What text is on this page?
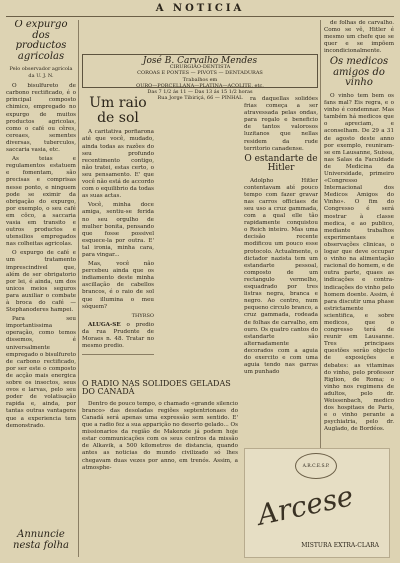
A NOTICIA
O expurgo dos productos agricolas
Pelo observador agricola da U. J. N.

O bisulfureto de carbono rectificado, é o principal composto chimico, empregado no expurgo de muitos productos agricolas, como o café ou cêres, cereaes, sementes diversas, tuberculos, saccaria vasia, etc.

As teias e regulamentos estatuem e fomentam, são precisas e comprisas nesse ponto, e ninguem pode se eximir da obrigação do expurgo, por exemplo, o seu café em côco, a saccaria vasia em transito e outros productos e utensilios empregados nas colheitas agricolas.

O expurgo de café e um tratamento imprescindivel que, além de ser obrigatorio por lei, é ainda, um dos unicos meios seguros para auxiliar o combate à broca do café — Stephanoderes hampei.

Para seu importantissima operação, como temos dissemos, é universalmente empregado o bisulfureto de carbono rectificado, por ser este o composto de acção mais energica sobre os insectos, seus ovos e larvas, pelo seu poder de volatisação rapida e, ainda, por tantas outras vantagens que a experiencia tem demonstrado.

Annuncie nesta folha
José B. Carvalho Mendes
CIRURGIÃO-DENTISTA
COROAS E PONTES — PIVOTS — DENTADURAS
Trabalhos em
OURO—PORCELLANA—PLATINA—ACOLITE, etc.
Das 7 1/2 ás 11 — Das 13 ás 15 1/2 horas
Rua Jorge Tibiriçá, 66 — PINHAL
Um raio de sol

A caritativa porfiarona até que você, mudado, ainda todas as razões do seu profundo recentimento contigo, não tratei, estas certo, o seu pensamento. E' que você não está de accordo com o equilibrio da todas as suas actas.

Você, minha doce amiga, sentiu-se ferida no seu orgulho de mulher bonita, pensando que fosse possivel esquece-la por outra. E' tal ironia, minha cara, para vingar...

Mas, você não percebeu ainda que os indiamento deste minha ascillação de cabellos brancos, é o raio de sol que illumina o meu sóquem?

THYRSO

ALUGA-SE o predio da rua Prudente de Moraes n. 48. Tratar no mesmo predio.

O RADIO NAS SOLIDÕES GELADAS DO CANADÁ

Dentro de pouco tempo, o chamado «grande silencio branco» das desoladas regiões septentrionaes do Canadá será apenas uma expressão sem sentido. E' que a radio fez a sua apparição no deserto gelado... Os missionarios da região de Makenzie já podem hoje estar communicações com os seus centros da missão de Alkavik, a 500 kilometros de distancia, quando antes as noticias do mundo civilizado só lhes chegavam duas vezes por anno, em trenós. Assim, a atmosphe-

ra daquellas solidões frias começa a ser atravessada pelas ondas, para regalo e beneficio de tantos valorosos luzitanos que nellas residem da rude territorio canadense.

O estandarte de Hitler

Adolpho Hitler contentavam até pouco tempo com fazer gravar nas carros officiaes de seu uso a cruz gammada, com a qual elle tão rapidamente conquistou o Reich inteiro. Mas uma decisão recente modificou um pouco esse protocolo. Actualmente, o dictador nazista tem um estandarte pessoal, composto de um rectangulo vermelho, esquadrado por tres listras negra, branca e negro. Ao centro, num pequeno circulo branco, a cruz gammada, rodeada de folhas de carvalho, em ouro. Os quatro cantos do estandarte são alternadamente decorados com a aguia do exercito e com uma aguia tendo nas garras um punhado

de folhas de carvalho. Como se vê, Hitler é mesmo um chefe que se quer e se impõem incondicionalmente.

Os medicos amigos do vinho

O vinho tem bem os fans mal? Eis regra, e o vinho é condemnar. Mas também há medicos que o apreciam, e aconselham. De 29 a 31 de agosto deste anno por exemplo, reuniram-se em Lausanne, Suissa, nas Salas da Faculdade de Medicina da Universidade, primeiro «Congresso Internacional dos Medicos Amigos do Vinho». O fim do Congresso é será mostrar à classe medica, e ao publico, mediante trabalhos experimentaes e observações clinicas, o logar que deve occupar o vinho na alimentação racional do homem, e de outra parte, quaes as indicações e contra-indicações do vinho pelo homem doente. Assim, é para discutir uma phase estrictamente scientifica, e sobre medicos, que o congresso terá de reunir em Lausanne. Tres principaes questões serão objecto de exposições e debates: as vitaminas do vinho, pelo professor Riglion, de Roma; o vinho nos regimens de adultos, pelo dr. Weissenbach, medico dos hospitaes de Paris, e o vinho perante a psychiatria, pelo dr. Auglado, de Bordéos.

A.R.C.E.S.P.
Arcese
MISTURA EXTRA-CLARA
